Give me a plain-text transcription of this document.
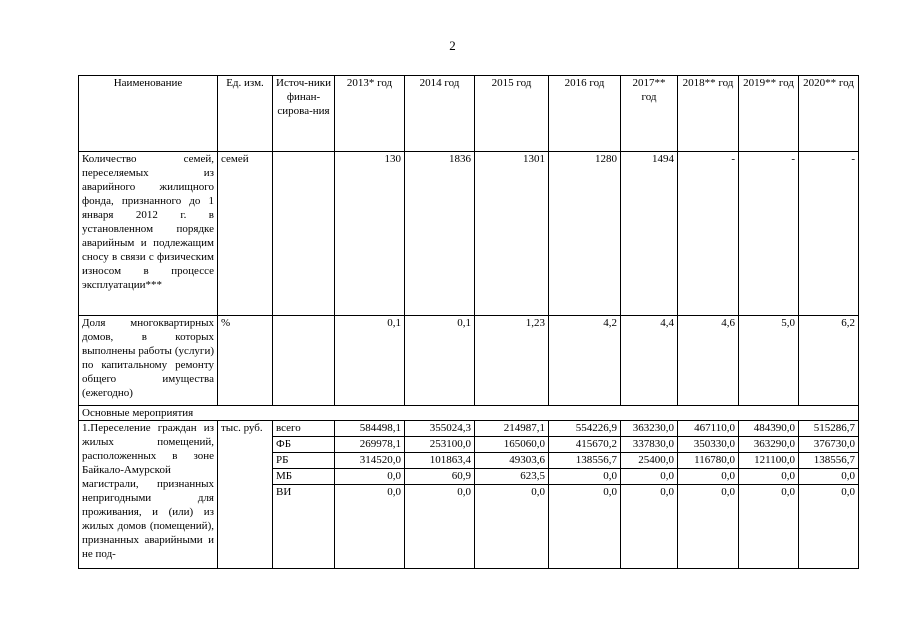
2
Наименование	Ед. изм.	Источ-ники финан-сирова-ния	2013* год	2014 год	2015 год	2016 год	2017** год	2018** год	2019** год	2020** год
Количество семей, переселяемых из аварийного жилищного фонда, признанного до 1 января 2012 г. в установленном порядке аварийным и подлежащим сносу в связи с физическим износом в процессе эксплуатации***	семей		130	1836	1301	1280	1494	-	-	-
Доля многоквартирных домов, в которых выполнены работы (услуги) по капитальному ремонту общего имущества (ежегодно)	%		0,1	0,1	1,23	4,2	4,4	4,6	5,0	6,2
Основные мероприятия										
1.Переселение граждан из жилых помещений, расположенных в зоне Байкало-Амурской магистрали, признанных непригодными для проживания, и (или) из жилых домов (помещений), признанных аварийными и не под-	тыс. руб.	всего	584498,1	355024,3	214987,1	554226,9	363230,0	467110,0	484390,0	515286,7
		ФБ	269978,1	253100,0	165060,0	415670,2	337830,0	350330,0	363290,0	376730,0
		РБ	314520,0	101863,4	49303,6	138556,7	25400,0	116780,0	121100,0	138556,7
		МБ	0,0	60,9	623,5	0,0	0,0	0,0	0,0	0,0
		ВИ	0,0	0,0	0,0	0,0	0,0	0,0	0,0	0,0
